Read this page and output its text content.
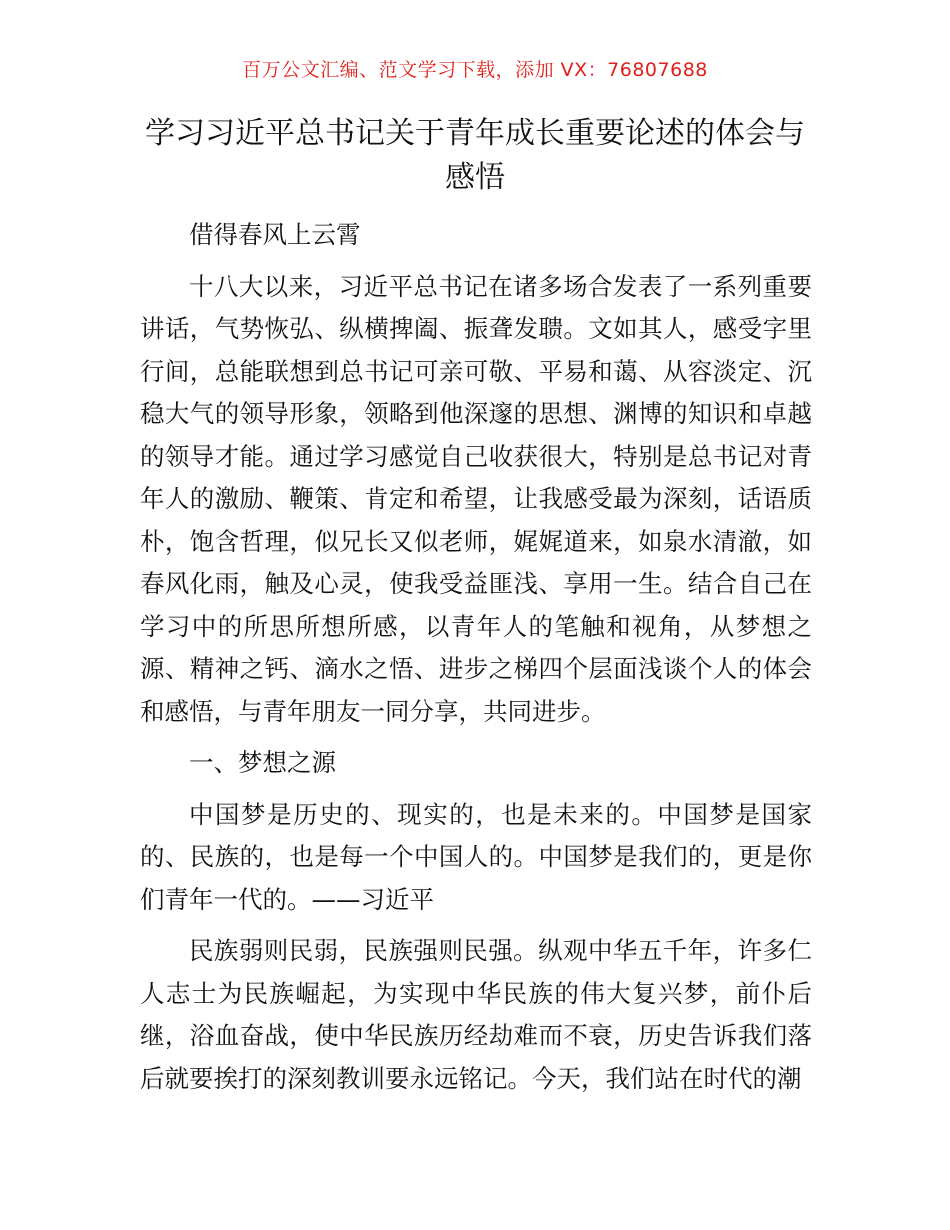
百万公文汇编、范文学习下载，添加 VX：76807688
学习习近平总书记关于青年成长重要论述的体会与感悟

借得春风上云霄

十八大以来，习近平总书记在诸多场合发表了一系列重要讲话，气势恢弘、纵横捭阖、振聋发聩。文如其人，感受字里行间，总能联想到总书记可亲可敬、平易和蔼、从容淡定、沉稳大气的领导形象，领略到他深邃的思想、渊博的知识和卓越的领导才能。通过学习感觉自己收获很大，特别是总书记对青年人的激励、鞭策、肯定和希望，让我感受最为深刻，话语质朴，饱含哲理，似兄长又似老师，娓娓道来，如泉水清澈，如春风化雨，触及心灵，使我受益匪浅、享用一生。结合自己在学习中的所思所想所感，以青年人的笔触和视角，从梦想之源、精神之钙、滴水之悟、进步之梯四个层面浅谈个人的体会和感悟，与青年朋友一同分享，共同进步。

一、梦想之源

中国梦是历史的、现实的，也是未来的。中国梦是国家的、民族的，也是每一个中国人的。中国梦是我们的，更是你们青年一代的。——习近平

民族弱则民弱，民族强则民强。纵观中华五千年，许多仁人志士为民族崛起，为实现中华民族的伟大复兴梦，前仆后继，浴血奋战，使中华民族历经劫难而不衰，历史告诉我们落后就要挨打的深刻教训要永远铭记。今天，我们站在时代的潮
